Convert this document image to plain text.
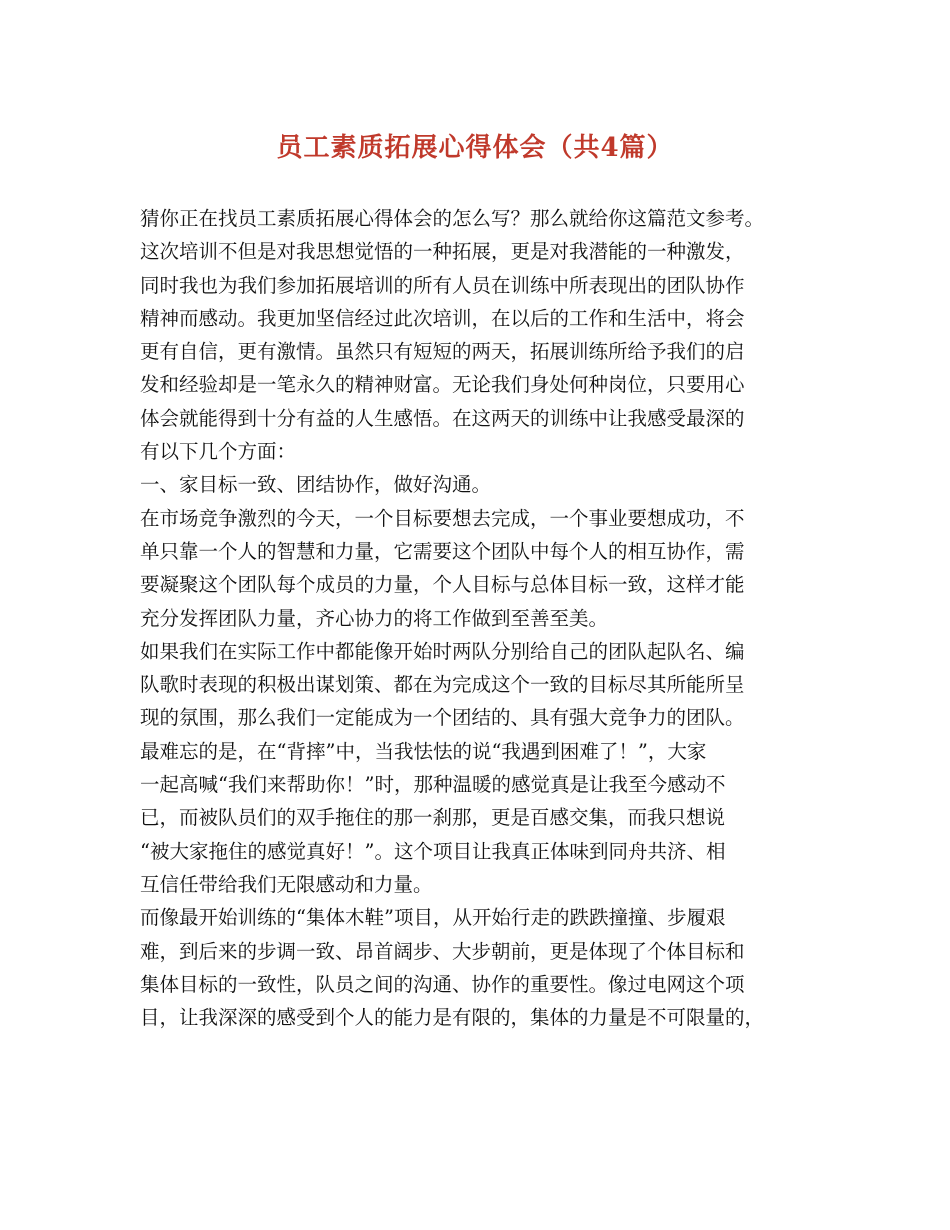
员工素质拓展心得体会（共4篇）
猜你正在找员工素质拓展心得体会的怎么写？那么就给你这篇范文参考。
这次培训不但是对我思想觉悟的一种拓展，更是对我潜能的一种激发，
同时我也为我们参加拓展培训的所有人员在训练中所表现出的团队协作
精神而感动。我更加坚信经过此次培训，在以后的工作和生活中，将会
更有自信，更有激情。虽然只有短短的两天，拓展训练所给予我们的启
发和经验却是一笔永久的精神财富。无论我们身处何种岗位，只要用心
体会就能得到十分有益的人生感悟。在这两天的训练中让我感受最深的
有以下几个方面：
一、家目标一致、团结协作，做好沟通。
在市场竞争激烈的今天，一个目标要想去完成，一个事业要想成功，不
单只靠一个人的智慧和力量，它需要这个团队中每个人的相互协作，需
要凝聚这个团队每个成员的力量，个人目标与总体目标一致，这样才能
充分发挥团队力量，齐心协力的将工作做到至善至美。
如果我们在实际工作中都能像开始时两队分别给自己的团队起队名、编
队歌时表现的积极出谋划策、都在为完成这个一致的目标尽其所能所呈
现的氛围，那么我们一定能成为一个团结的、具有强大竞争力的团队。
最难忘的是，在“背摔”中，当我怯怯的说“我遇到困难了！”，大家
一起高喊“我们来帮助你！”时，那种温暖的感觉真是让我至今感动不
已，而被队员们的双手拖住的那一刹那，更是百感交集，而我只想说
“被大家拖住的感觉真好！”。这个项目让我真正体味到同舟共济、相
互信任带给我们无限感动和力量。
而像最开始训练的“集体木鞋”项目，从开始行走的跌跌撞撞、步履艰
难，到后来的步调一致、昂首阔步、大步朝前，更是体现了个体目标和
集体目标的一致性，队员之间的沟通、协作的重要性。像过电网这个项
目，让我深深的感受到个人的能力是有限的，集体的力量是不可限量的，
